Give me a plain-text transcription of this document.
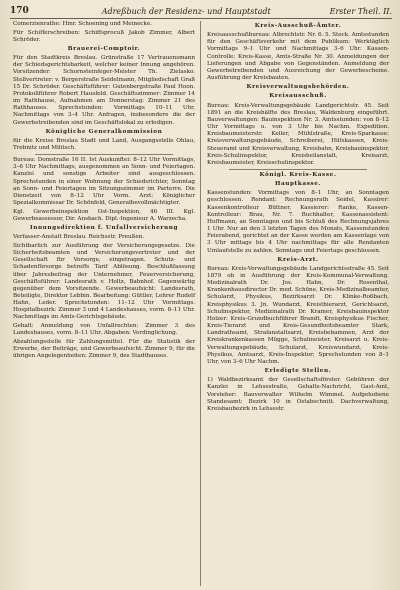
170	Adreßbuch der Residenz- und Hauptstadt	Erster Theil. II.

Comerzienrathe: Hinr. Schoening und Meinecke.

Für Schifferschreiben: Schiffsprocuß Jakob Zimmer, Albert Schröder.

Brauerei-Comptoir.

Für den Stadtkreis Breslau. Grünstraße 17 Vertrauensmann der Schiedsgerichtsbarkeit, welcher keiner Innung angehören. Vorsitzender: Schornsteinfeger-Meister Th. Zielasko. Stellvertreter: v. Bergerstraße Seidelmann, Mitgliedschaft Graß 15 Dr. Schröder. Geschäftsführer: Gutenbergstraße Paul Hoon. Protokollführer Robert Hausfeld. Geschäftszimmer: Zimmer 14 im Rathhause, Aufnahmen am Donnerstag: Zimmer 21 des Rathhauses. Sprechstunden: Vormittags 10–11 Uhr, Nachmittags von 3–4 Uhr. Anfragen, insbesondere die der Gewerbetreibenden sind im Geschäftslokal zu erledigen.

Königliche Generalkommission

für die Kreise Breslau Stadt und Land, Ausgangsstelle Ohlau, Trebnitz und Militsch.

Bureau: Domstraße 16 II. Ist Auskunftei: 8–12 Uhr Vormittags, 3–6 Uhr Nachmittags, ausgenommen an Sonn- und Feiertagen. Kanzlei und sonstige Arbeiter sind ausgeschlossen. Sprechstunden in einer Wohnung der Schiedsrichter, Sonntag an Sonn- und Feiertagen im Sitzungszimmer im Parterre. Die Dienstzeit von 8–12 Uhr Vorm. Arzt: Königlicher Spezialkommissar Dr. Schönfeld, Generalbevollmächtigter.

Kgl. Gewerbeinspektion Ost-Inspektion, 46 III. Kgl. Gewerbeassessor, Dir. Ansbach. Dipl.-Ingenieur A. Warzecha.

Innungsdirektion f. Unfallversicherung

Verfasser-Anstalt Breslau. Reichsstr. Preußen.

Sichtbarlich zur Ausführung der Versicherungsgesetze. Die Sicherheitsbeamten und Versicherungsvertreter und der Gesellschaft für Vorsorge, eingetragen. Schutz- und Schadenfürsorge betreffs Tarif Ablösung. Beschlußfassung über Jahresbeitrag der Unternehmer, Feuerversicherung, Geschäftsführer: Landesrath v. Holtz, Bahnhof. Gegenwärtig gegenüber dem Vorsitzende. Gewerbeaufsicht: Landesrath, Beteiligte, Direktor Lebbin. Bearbeitung: Güttler, Lehrer Rudolf Hahn, Leder. Sprechstunden: 11–12 Uhr Vormittags. Hospitalbezirk: Zimmer 3 und 4 Landeshauses, vorm. 8–11 Uhr. Nachmittags im Amts-Gerichtsgebäude.

Gehalt: Anmeldung von Unfallrechten: Zimmer 3 des Landeshauses, vorm. 8–11 Uhr. Abgaben: Verdinglichung.

Abzahlungsstelle für Zahlungsmittel. Für die Statistik der Erwerbe, der Beiträge, und Gewerbeaufsicht. Zimmer 9, für die übrigen Angelegenheiten: Zimmer 9, des Stadthauses.

Kreis-Ausschuß-Ämter.

Kreisausschußbureau: Albrechtstr. Nr. 6. 5. Stock. Amtsstunden für den Geschäftsverkehr mit dem Publikum: Werktäglich Vormittags 9–1 Uhr und Nachmittags 3–6 Uhr. Kassen-Controlle: Kreis-Kasse, Amts-Straße Nr. 30. Anmeldungen der Lieferungen und Abgabe von Gegenständen. Anmeldung der Gewerbetreibenden und Ausreichung der Gewerbescheine. Ausführung der Kreisbauten.

Kreisverwaltungsbehörden.

Kreisausschuß.

Bureau: Kreis-Verwaltungsgebäude Landgerichtstr. 45. Seit 1891 an die Kreishälfte des Breslau, Waldenburg eingeführt. Bauverwaltungen: Bauinspektion Nr. 3. Amtsstunden: von 8–12 Uhr Vormittags u. von 3 Uhr bis Nachm. Expedition. Kreisbaumeisterstr. Keller, Mühlstraße, Kreis-Sparkasse: Kreisverwaltungsgebäude, Schreiberei, Hilfskassen, Kreis-Steueramt und Kreisverwaltung, Kreisbahn, Kreisbauinspektor, Kreis-Schulinspektor, Kreisheilanstalt, Kreisarzt, Kreisbaumeister, Kreisschulinspektor.

Königl. Kreis-Kasse.

Hauptkasse.

Kassenstunden: Vormittags von 8–1 Uhr, an Sonntagen geschlossen. Rendant: Rechnungsrath Seidel, Kassirer: Kassenkontrolleur Büttner, Kassierer: Ranke, Kassen-Kontrolleur: Brau, Nr. 7. Buchhalter, Kassenassistent: Hoffmann, an Sonntagen und bis Schluß des Rechnungsjahres 1 Uhr. Nur an den 3 letzten Tagen des Monats, Kassenstunden Feierabend, gerichtet an der Kasse werden am Kassentage von 3 Uhr mittags bis 4 Uhr nachmittags für alle Rendanten Umlaufstelle zu zahlen. Sonntags und Feiertags geschlossen.

Kreis-Arzt.

Bureau: Kreis-Verwaltungsgebäude Landgerichtsstraße 45. Seit 1879 ob in Ausführung der Kreis-Kommunal-Verwaltung. Medizinalrath Dr. Jos. Hahn, Dr. Rosenthal, Krankenhausdirector Dr. med. Schöne, Kreis-Medizinalbeamter, Schularzt, Physikus, Bezirksarzt Dr. Klinke-Roßbach, Kreisphysikus 3. Jn. Wundarzt, Kreisthierarzt, Gerichtsarzt, Schulinspektor, Medizinalrath Dr. Kramer, Kreisbauinspektor Holzer: Kreis-Grundbuchführer Brandt, Kreisphysikus Fischer, Kreis-Tierarzt und Kreis-Gesundheitsbeamter Stark, Landrathsamt, Strafanstaltsarzt, Kreishebammen, Arzt der Kreiskrankenkassen Mügge, Schulmeister, Kreisarzt u. Kreis-Verwaltungsgebäude, Schularzt, Kreiswundarzt, Kreis-Physikus, Amtsarzt, Kreis-Inspektor; Sprechstunden von 8–1 Uhr, von 3–6 Uhr Nachm.

Erledigte Stellen.

1) Waldbezirksamt der Gesellschaftsförster. Gebühren der Kanzlei in Lehsestraße, Gehalts-Nachricht, Gast-Amt, Vorsteher: Bauverwalter Wilhelm Wimmel. Aufgehobene Standesamt: Bezirk 10 in Ostabschnitt. Dachverwaltung, Kreisbaubezirk in Lehsestr.
